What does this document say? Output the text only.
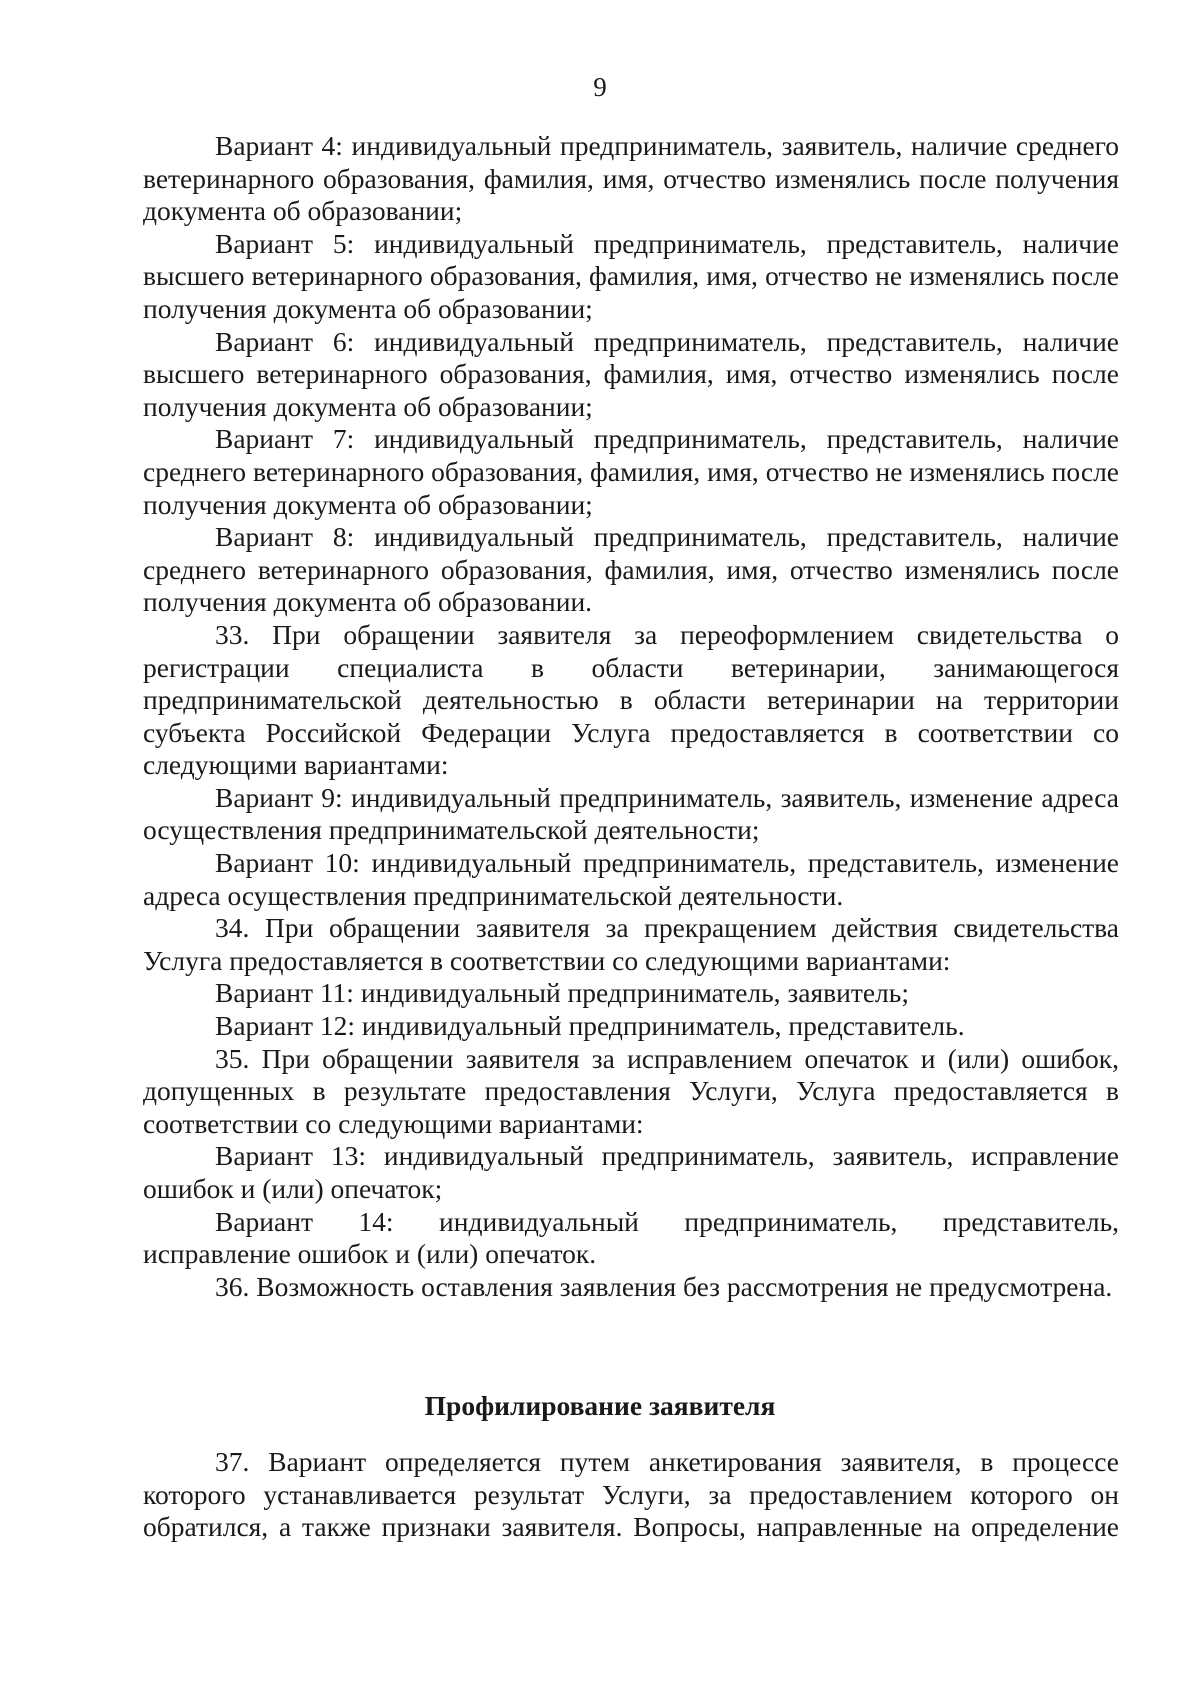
9

Вариант 4: индивидуальный предприниматель, заявитель, наличие среднего ветеринарного образования, фамилия, имя, отчество изменялись после получения документа об образовании;

Вариант 5: индивидуальный предприниматель, представитель, наличие высшего ветеринарного образования, фамилия, имя, отчество не изменялись после получения документа об образовании;

Вариант 6: индивидуальный предприниматель, представитель, наличие высшего ветеринарного образования, фамилия, имя, отчество изменялись после получения документа об образовании;

Вариант 7: индивидуальный предприниматель, представитель, наличие среднего ветеринарного образования, фамилия, имя, отчество не изменялись после получения документа об образовании;

Вариант 8: индивидуальный предприниматель, представитель, наличие среднего ветеринарного образования, фамилия, имя, отчество изменялись после получения документа об образовании.

33. При обращении заявителя за переоформлением свидетельства о регистрации специалиста в области ветеринарии, занимающегося предпринимательской деятельностью в области ветеринарии на территории субъекта Российской Федерации Услуга предоставляется в соответствии со следующими вариантами:

Вариант 9: индивидуальный предприниматель, заявитель, изменение адреса осуществления предпринимательской деятельности;

Вариант 10: индивидуальный предприниматель, представитель, изменение адреса осуществления предпринимательской деятельности.

34. При обращении заявителя за прекращением действия свидетельства Услуга предоставляется в соответствии со следующими вариантами:

Вариант 11: индивидуальный предприниматель, заявитель;

Вариант 12: индивидуальный предприниматель, представитель.

35. При обращении заявителя за исправлением опечаток и (или) ошибок, допущенных в результате предоставления Услуги, Услуга предоставляется в соответствии со следующими вариантами:

Вариант 13: индивидуальный предприниматель, заявитель, исправление ошибок и (или) опечаток;

Вариант 14: индивидуальный предприниматель, представитель, исправление ошибок и (или) опечаток.

36. Возможность оставления заявления без рассмотрения не предусмотрена.

Профилирование заявителя

37. Вариант определяется путем анкетирования заявителя, в процессе которого устанавливается результат Услуги, за предоставлением которого он обратился, а также признаки заявителя. Вопросы, направленные на определение
